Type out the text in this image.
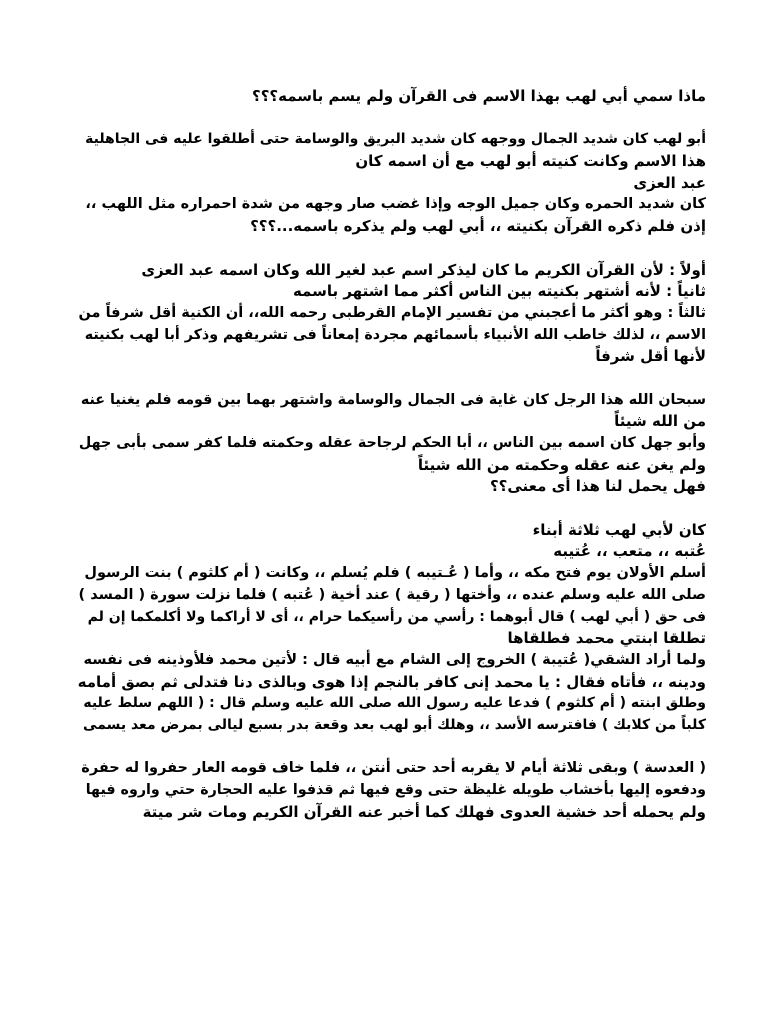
ماذا سمي أبي لهب بهذا الاسم فى القرآن ولم يسم باسمه؟؟؟
أبو لهب كان شديد الجمال ووجهه كان شديد البريق والوسامة حتى أطلقوا عليه فى الجاهلية
هذا الاسم وكانت كنيته أبو لهب مع أن اسمه كان
عبد العزى
كان شديد الحمره وكان جميل الوجه وإذا غضب صار وجهه من شدة احمراره مثل اللهب ،،
إذن فلم ذكره القرآن بكنيته ،، أبي لهب ولم يذكره باسمه...؟؟؟
أولاً : لأن القرآن الكريم ما كان ليذكر اسم عبد لغير الله وكان اسمه عبد العزى
ثانياً : لأنه أشتهر بكنيته بين الناس أكثر مما اشتهر باسمه
ثالثاً : وهو أكثر ما أعجبني من تفسير الإمام القرطبى رحمه الله،، أن الكنية أقل شرفاً من
الاسم ،، لذلك خاطب الله الأنبياء بأسمائهم مجردة إمعاناً فى تشريفهم وذكر أبا لهب بكنيته
لأنها أقل شرفاً
سبحان الله هذا الرجل كان غاية فى الجمال والوسامة واشتهر بهما بين قومه فلم يغنيا عنه
من الله شيئاً
وأبو جهل كان اسمه بين الناس ،، أبا الحكم لرجاحة عقله وحكمته فلما كفر سمى بأبى جهل
ولم يغن عنه عقله وحكمته من الله شيئاً
فهل يحمل لنا هذا أى معنى؟؟
كان لأبي لهب ثلاثة أبناء
عُتبه ،، متعب ،، عُتيبه
أسلم الأولان يوم فتح مكه ،، وأما ( عُـتيبه ) فلم يُسلم ،، وكانت ( أم كلثوم ) بنت الرسول
صلى الله عليه وسلم عنده ،، وأختها ( رقية ) عند أخية ( عُتبه ) فلما نزلت سورة ( المسد )
فى حق ( أبي لهب ) قال أبوهما : رأسي من رأسيكما حرام ،، أى لا أراكما ولا أكلمكما إن لم
تطلقا ابنتي محمد فطلقاها
ولما أراد الشقي( عُتيبة ) الخروج إلى الشام مع أبيه قال : لأتين محمد فلأوذينه فى نفسه
ودينه ،، فأتاه فقال : يا محمد إنى كافر بالنجم إذا هوى وبالذى دنا فتدلى ثم بصق أمامه
وطلق ابنته ( أم كلثوم ) فدعا عليه رسول الله صلى الله عليه وسلم قال : ( اللهم سلط عليه
كلباً من كلابك ) فافترسه الأسد ،، وهلك أبو لهب بعد وقعة بدر بسبع ليالى بمرض معد يسمى
( العدسة ) وبقى ثلاثة أيام لا يقربه أحد حتى أنتن ،، فلما خاف قومه العار حفروا له حفرة
ودفعوه إليها بأخشاب طويله غليظة حتى وقع فيها ثم قذفوا عليه الحجارة حتي واروه فيها
ولم يحمله أحد خشية العدوى فهلك كما أخبر عنه القرآن الكريم ومات شر ميتة
